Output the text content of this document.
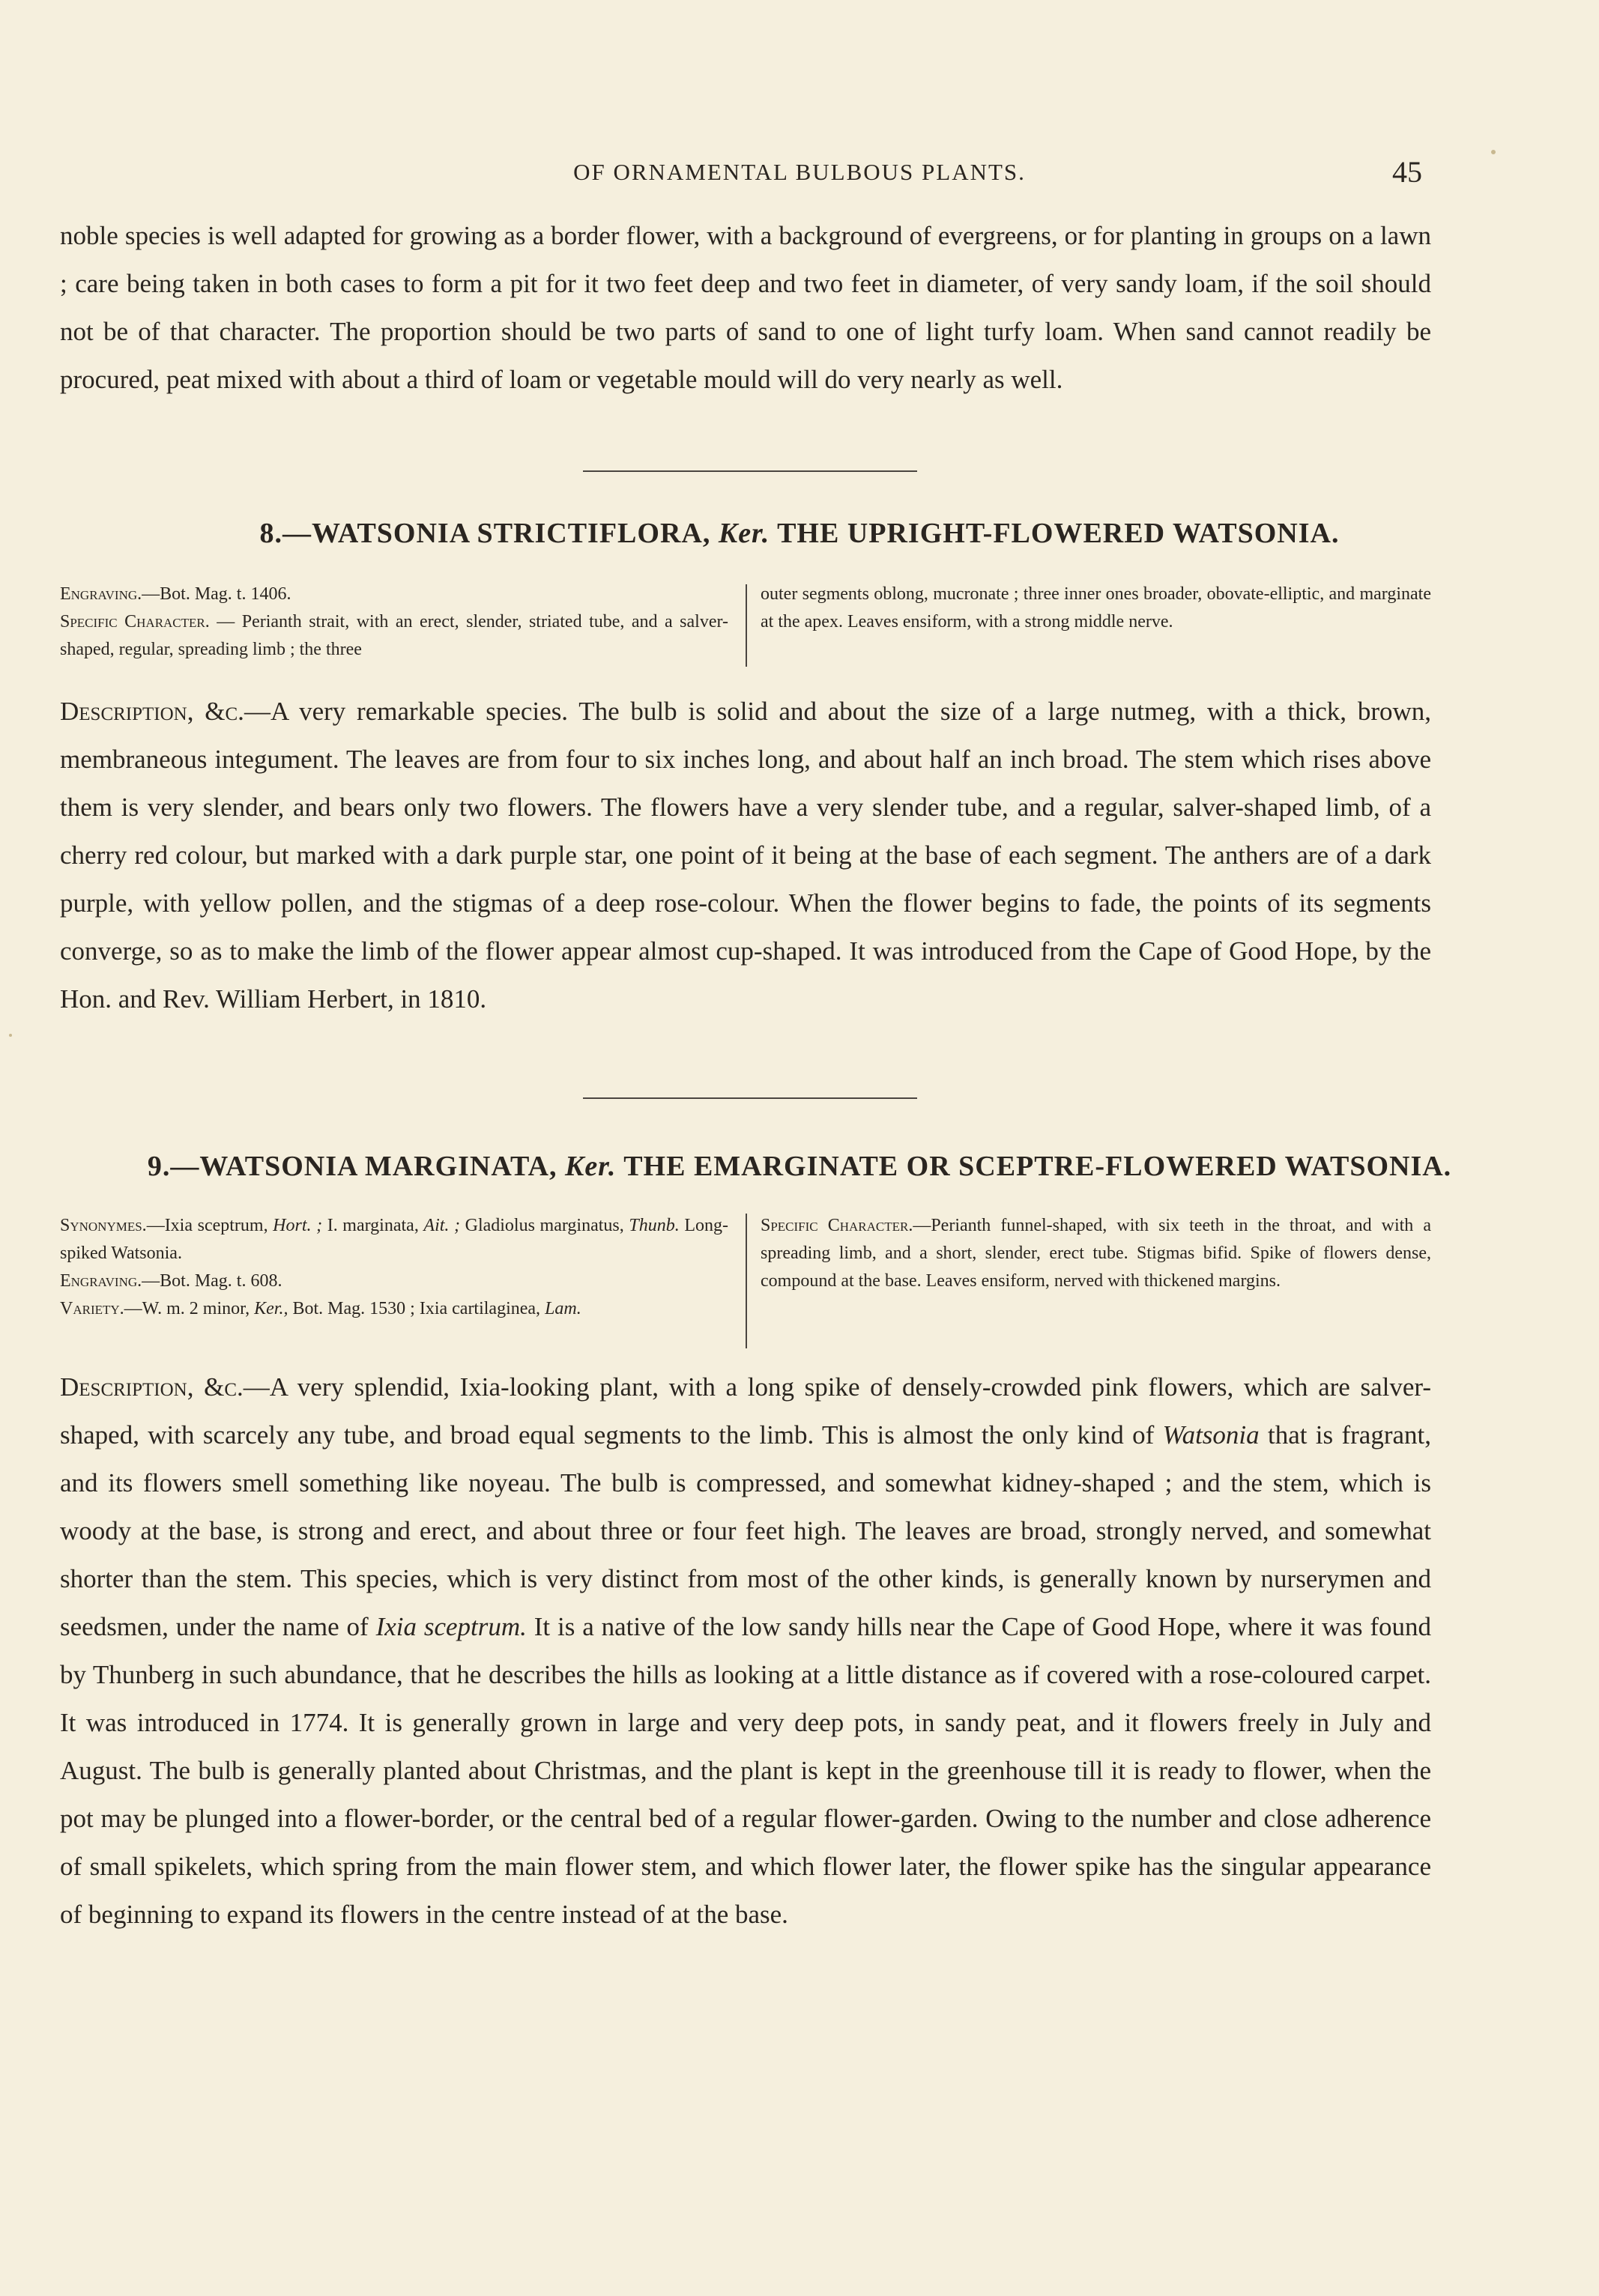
OF ORNAMENTAL BULBOUS PLANTS.	45

noble species is well adapted for growing as a border flower, with a background of evergreens, or for planting in groups on a lawn ; care being taken in both cases to form a pit for it two feet deep and two feet in diameter, of very sandy loam, if the soil should not be of that character. The proportion should be two parts of sand to one of light turfy loam. When sand cannot readily be procured, peat mixed with about a third of loam or vegetable mould will do very nearly as well.

8.—WATSONIA STRICTIFLORA, Ker. THE UPRIGHT-FLOWERED WATSONIA.

Engraving.—Bot. Mag. t. 1406.
Specific Character. — Perianth strait, with an erect, slender, striated tube, and a salver-shaped, regular, spreading limb ; the three

outer segments oblong, mucronate ; three inner ones broader, obovate-elliptic, and marginate at the apex. Leaves ensiform, with a strong middle nerve.

Description, &c.—A very remarkable species. The bulb is solid and about the size of a large nutmeg, with a thick, brown, membraneous integument. The leaves are from four to six inches long, and about half an inch broad. The stem which rises above them is very slender, and bears only two flowers. The flowers have a very slender tube, and a regular, salver-shaped limb, of a cherry red colour, but marked with a dark purple star, one point of it being at the base of each segment. The anthers are of a dark purple, with yellow pollen, and the stigmas of a deep rose-colour. When the flower begins to fade, the points of its segments converge, so as to make the limb of the flower appear almost cup-shaped. It was introduced from the Cape of Good Hope, by the Hon. and Rev. William Herbert, in 1810.

9.—WATSONIA MARGINATA, Ker. THE EMARGINATE OR SCEPTRE-FLOWERED WATSONIA.

Synonymes.—Ixia sceptrum, Hort. ; I. marginata, Ait. ; Gladiolus marginatus, Thunb. Long-spiked Watsonia.
Engraving.—Bot. Mag. t. 608.
Variety.—W. m. 2 minor, Ker., Bot. Mag. 1530 ; Ixia cartilaginea, Lam.

Specific Character.—Perianth funnel-shaped, with six teeth in the throat, and with a spreading limb, and a short, slender, erect tube. Stigmas bifid. Spike of flowers dense, compound at the base. Leaves ensiform, nerved with thickened margins.

Description, &c.—A very splendid, Ixia-looking plant, with a long spike of densely-crowded pink flowers, which are salver-shaped, with scarcely any tube, and broad equal segments to the limb. This is almost the only kind of Watsonia that is fragrant, and its flowers smell something like noyeau. The bulb is compressed, and somewhat kidney-shaped ; and the stem, which is woody at the base, is strong and erect, and about three or four feet high. The leaves are broad, strongly nerved, and somewhat shorter than the stem. This species, which is very distinct from most of the other kinds, is generally known by nurserymen and seedsmen, under the name of Ixia sceptrum. It is a native of the low sandy hills near the Cape of Good Hope, where it was found by Thunberg in such abundance, that he describes the hills as looking at a little distance as if covered with a rose-coloured carpet. It was introduced in 1774. It is generally grown in large and very deep pots, in sandy peat, and it flowers freely in July and August. The bulb is generally planted about Christmas, and the plant is kept in the greenhouse till it is ready to flower, when the pot may be plunged into a flower-border, or the central bed of a regular flower-garden. Owing to the number and close adherence of small spikelets, which spring from the main flower stem, and which flower later, the flower spike has the singular appearance of beginning to expand its flowers in the centre instead of at the base.
